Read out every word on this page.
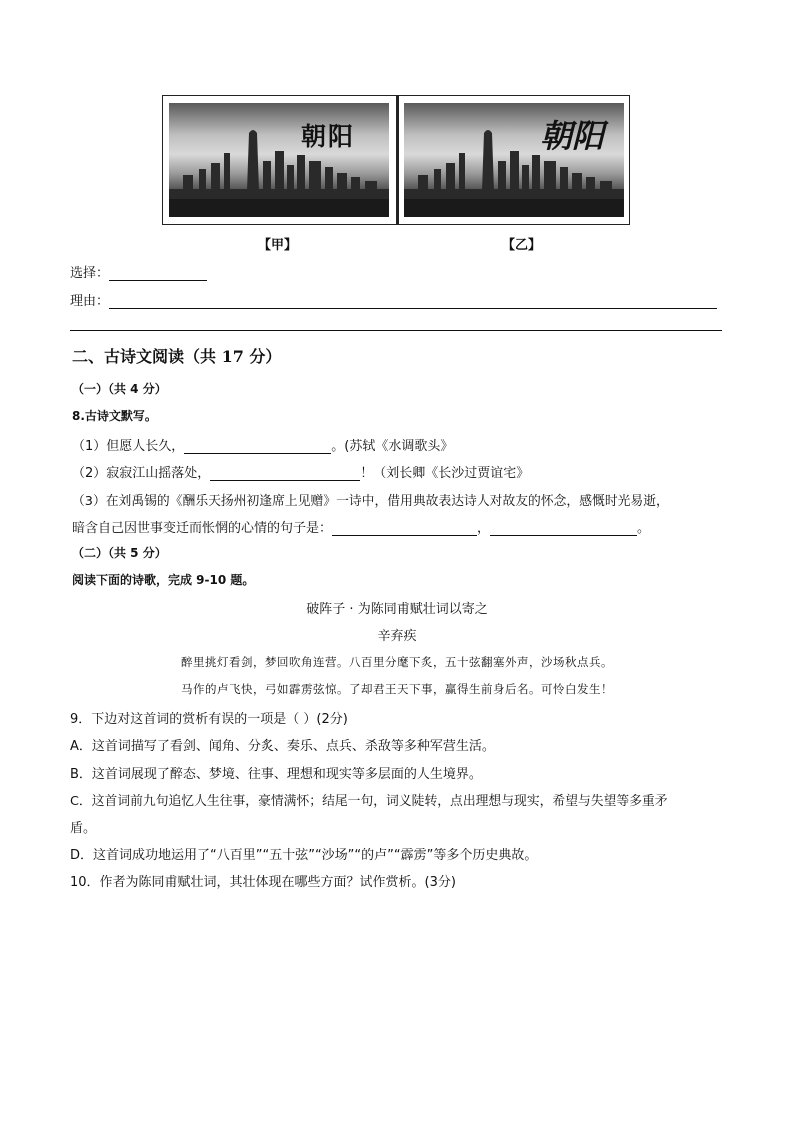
朝阳	朝阳
【甲】	【乙】
选择：
理由：
二、古诗文阅读（共 17 分）
（一）（共 4 分）
8.古诗文默写。
（1）但愿人长久，	。(苏轼《水调歌头》
（2）寂寂江山摇落处，	！（刘长卿《长沙过贾谊宅》
（3）在刘禹锡的《酬乐天扬州初逢席上见赠》一诗中，借用典故表达诗人对故友的怀念，感慨时光易逝，
暗含自己因世事变迁而怅惘的心情的句子是：	，	。
（二）（共 5 分）
阅读下面的诗歌，完成 9-10 题。
破阵子 · 为陈同甫赋壮词以寄之
辛弃疾
醉里挑灯看剑，梦回吹角连营。八百里分麾下炙，五十弦翻塞外声，沙场秋点兵。
马作的卢飞快，弓如霹雳弦惊。了却君王天下事，赢得生前身后名。可怜白发生！
9．下边对这首词的赏析有误的一项是（ ）(2分)
A．这首词描写了看剑、闻角、分炙、奏乐、点兵、杀敌等多种军营生活。
B．这首词展现了醉态、梦境、往事、理想和现实等多层面的人生境界。
C．这首词前九句追忆人生往事，豪情满怀；结尾一句，词义陡转，点出理想与现实，希望与失望等多重矛
盾。
D．这首词成功地运用了“八百里”“五十弦”“沙场”“的卢”“霹雳”等多个历史典故。
10．作者为陈同甫赋壮词，其壮体现在哪些方面？试作赏析。(3分)
